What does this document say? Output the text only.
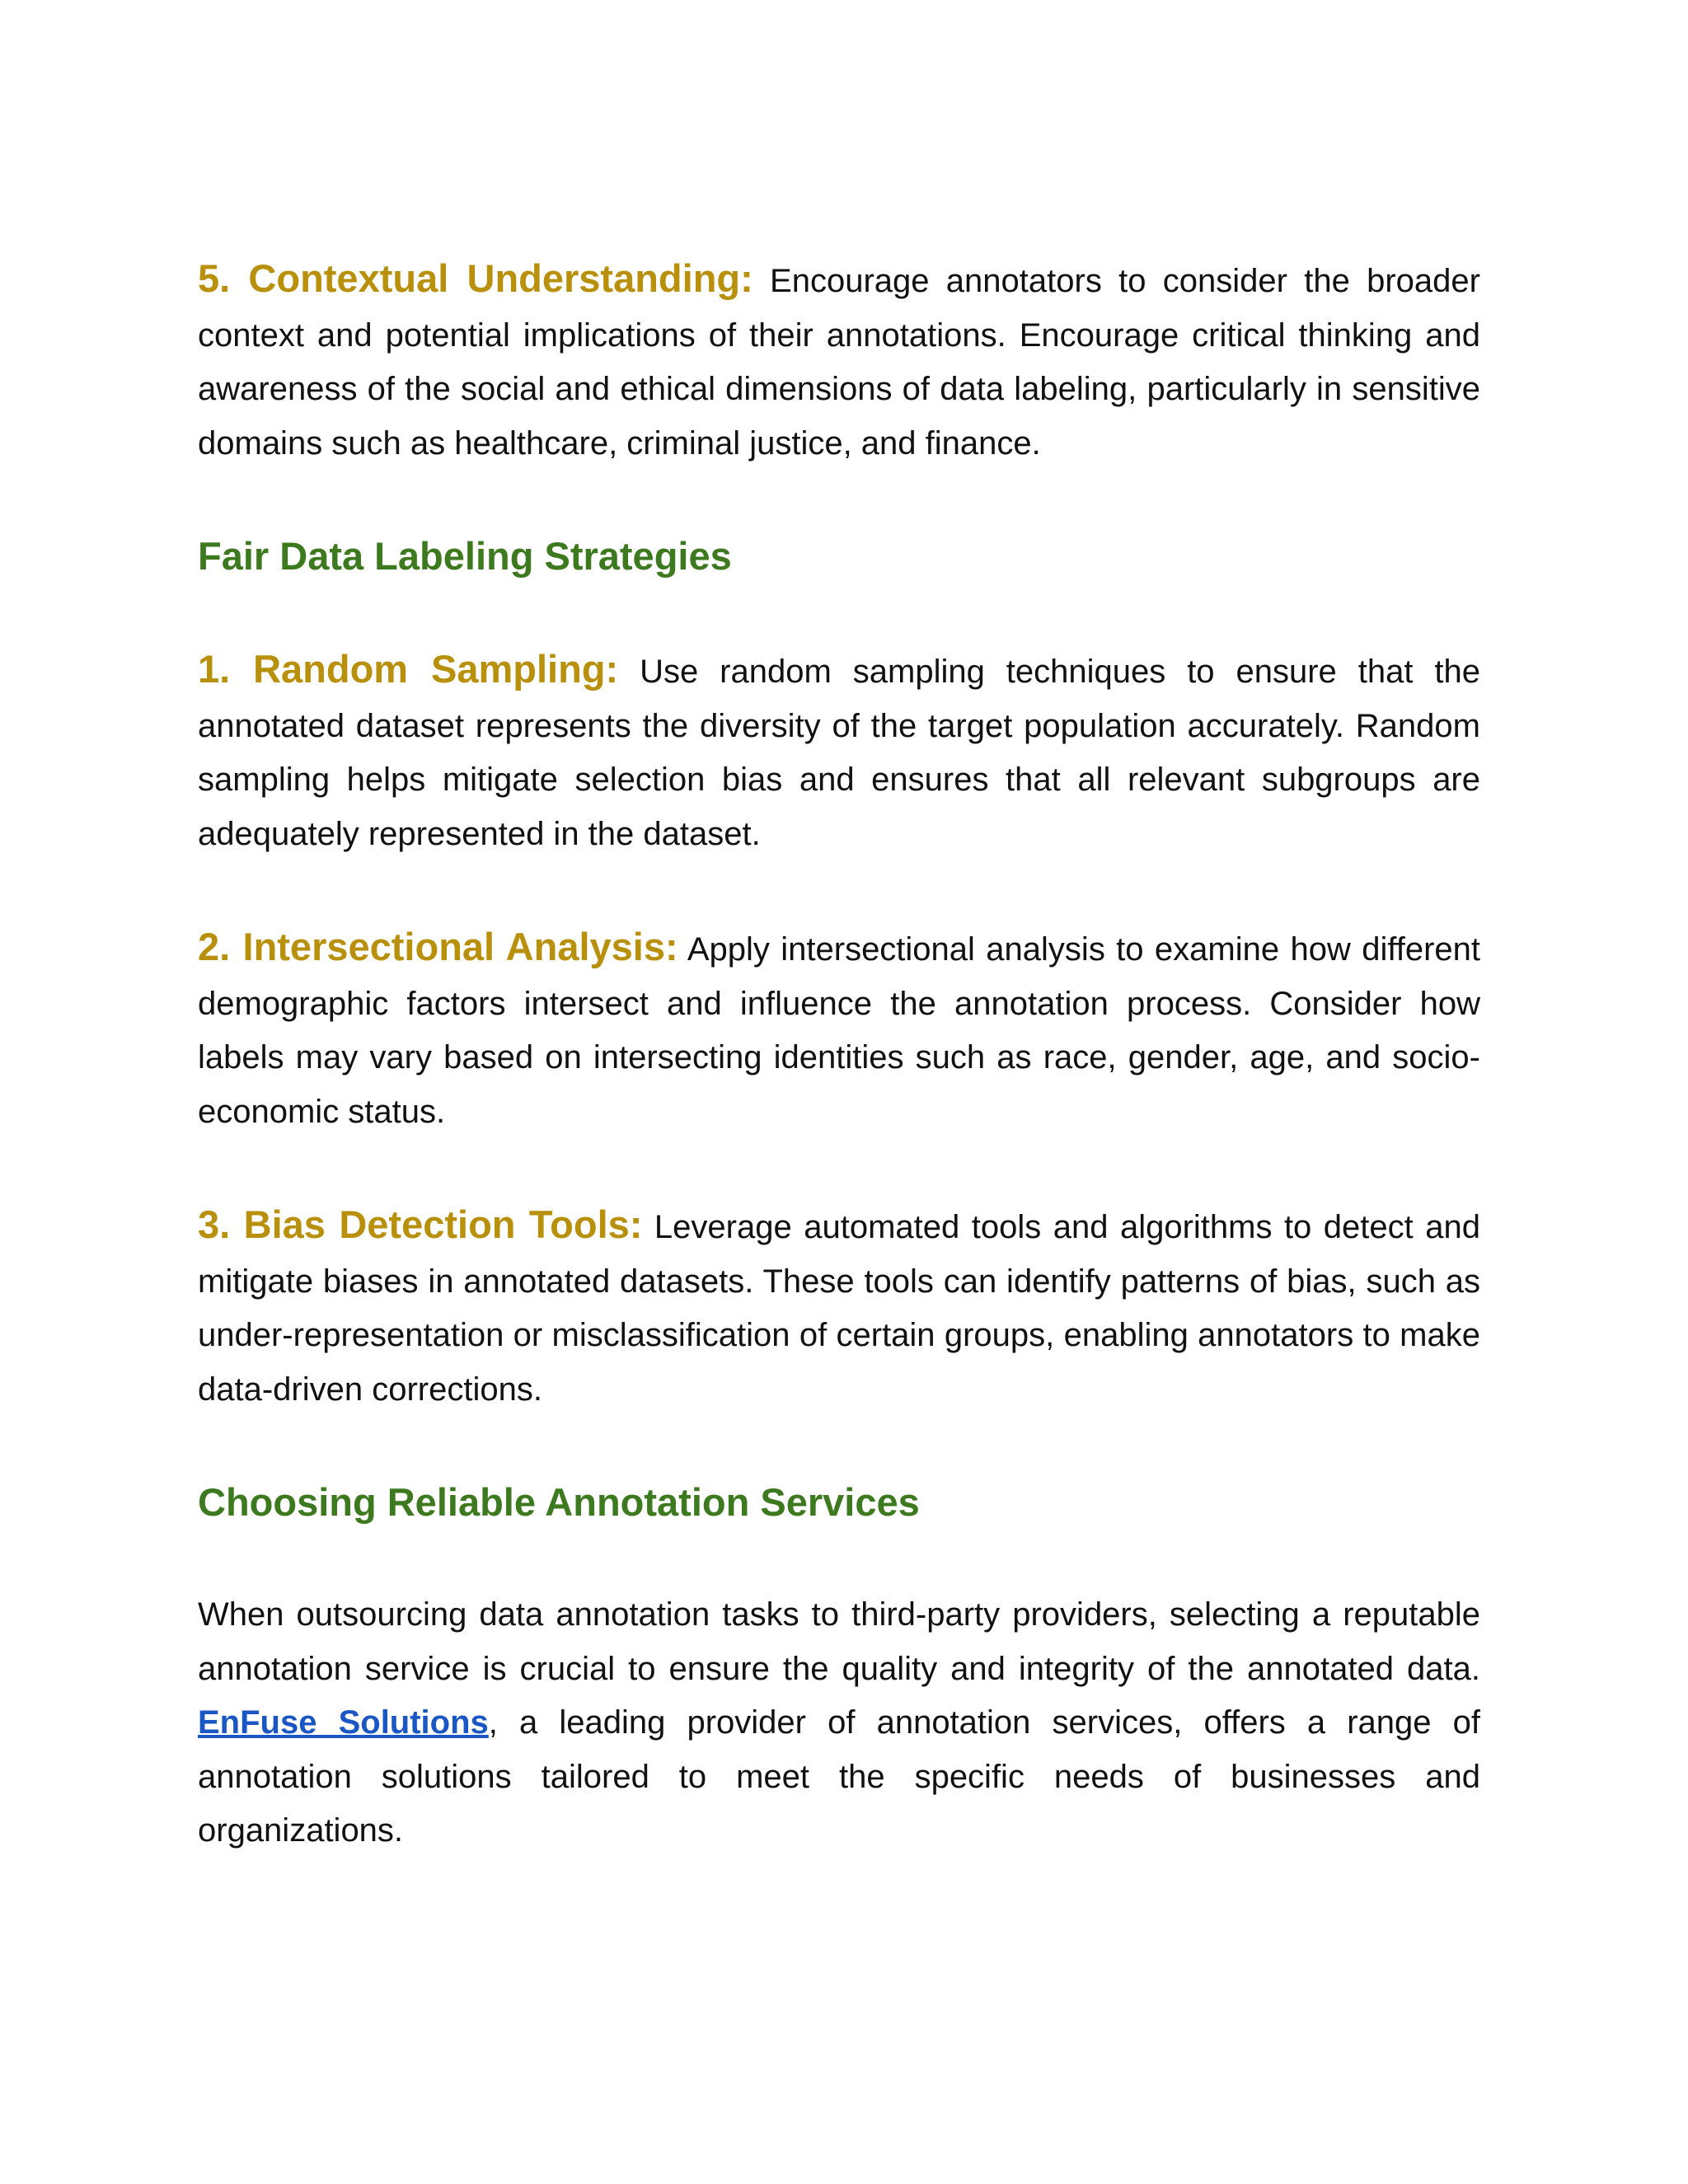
5. Contextual Understanding: Encourage annotators to consider the broader context and potential implications of their annotations. Encourage critical thinking and awareness of the social and ethical dimensions of data labeling, particularly in sensitive domains such as healthcare, criminal justice, and finance.

Fair Data Labeling Strategies

1. Random Sampling: Use random sampling techniques to ensure that the annotated dataset represents the diversity of the target population accurately. Random sampling helps mitigate selection bias and ensures that all relevant subgroups are adequately represented in the dataset.

2. Intersectional Analysis: Apply intersectional analysis to examine how different demographic factors intersect and influence the annotation process. Consider how labels may vary based on intersecting identities such as race, gender, age, and socio-economic status.

3. Bias Detection Tools: Leverage automated tools and algorithms to detect and mitigate biases in annotated datasets. These tools can identify patterns of bias, such as under-representation or misclassification of certain groups, enabling annotators to make data-driven corrections.

Choosing Reliable Annotation Services

When outsourcing data annotation tasks to third-party providers, selecting a reputable annotation service is crucial to ensure the quality and integrity of the annotated data. EnFuse Solutions, a leading provider of annotation services, offers a range of annotation solutions tailored to meet the specific needs of businesses and organizations.
